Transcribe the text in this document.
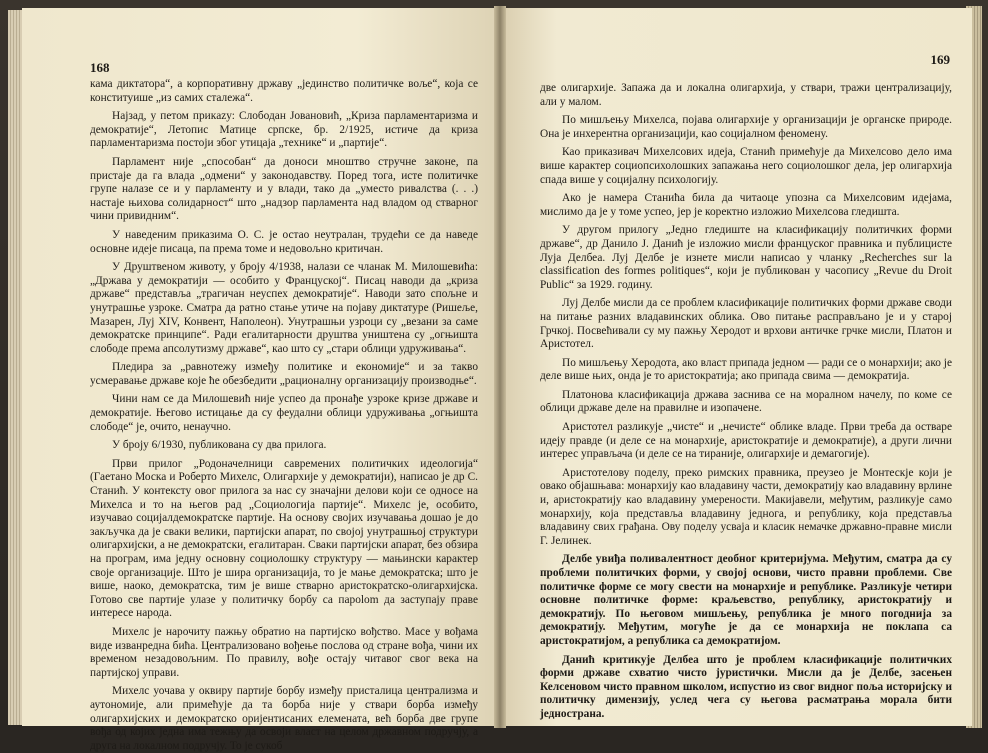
168

кама диктатора“, а корпоративну државу „јединство политичке воље“, која се конституише „из самих сталежа“.

Најзад, у петом прикazу: Слободан Јовановић, „Криза парламентаризма и демократије“, Летопис Матице српске, бр. 2/1925, истиче да криза парламентаризма постоји због утицаја „технике“ и „партије“.

Парламент није „способан“ да доноси мноштво стручне законе, па пристаје да га влада „одмени“ у законодавству. Поред тога, исте политичке групе налазе се и у парламенту и у влади, тако да „уместо ривалства (. . .) настаје њихова солидарност“ што „надзор парламента над владом од стварног чини привидним“.

У наведеним приказима О. С. је остао неутралан, трудећи се да наведе основне идеје писаца, па према томе и недовољно критичан.

У Друштвеном животу, у броју 4/1938, налази се чланак М. Милошевића: „Држава у демократији — особито у Француској“. Писац наводи да „криза државе“ представља „трагичан неуспех демократије“. Наводи зато спољне и унутрашње узроке. Сматра да ратно стање утиче на појаву диктатуре (Ришеље, Мазарен, Луј XIV, Конвент, Наполеон). Унутрашњи узроци су „везани за саме демократске принципе“. Ради егалитарности друштва уништена су „огњишта слободе према апсолутизму државе“, као што су „стари облици удруживања“.

Пледира за „равнотежу између политике и економије“ и за такво усмеравање државе које ће обезбедити „рационалну организацију производње“.

Чини нам се да Милошевић није успео да пронађе узроке кризе државе и демократије. Његово истицање да су феудални облици удруживања „огњишта слободе“ је, очито, ненаучно.

У броју 6/1930, публикована су два прилога.

Први прилог „Родоначелници савремених политичких идеологија“ (Гаетано Моска и Роберто Михелс, Олигархије у демократији), написао је др С. Станић. У контексту овог прилога за нас су значајни делови који се односе на Михелса и то на његов рад „Социологија партије“. Михелс је, особито, изучавао социјалдемократске партије. На основу својих изучавања дошао је до закључка да је сваки велики, партијски апарат, по својој унутрашњој структури олигархијски, а не демократски, егалитаран. Сваки партијски апарат, без обзира на програм, има једну основну социолошку структуру — мањински карактер своје организације. Што је шира организација, то је мање демократска; што је више, наоко, демократска, тим је више стварно аристократско-олигархијска. Готово све партије улазе у политичку борбу са пароlom да заступају праве интересе народа.

Михелс је нарочиту пажњу обратио на партијско вођство. Масе у вођама виде изванредна бића. Централизовано вођење послова од стране вођа, чини их временом незадовољним. По правилу, вође остају читавог свог века на партијској управи.

Михелс уочава у оквиру партије борбу између присталица централизма и аутономије, али примећује да та борба није у ствари борба између олигархијских и демократско оријентисаних елемената, већ борба две групе вођа од којих једна има тежњу да освоји власт на целом државном подручју, а друга на локалном подручју. То је сукоб

169

две олигархије. Запажа да и локална олигархија, у ствари, тражи централизацију, али у малом.

По мишљењу Михелса, појава олигархије у организацији је органске природе. Она је инхерентна организацији, као социјалном феномену.

Као приказивач Михелсових идеја, Станић примећује да Михелсово дело има више карактер социопсихолошких запажања него социолошког дела, јер олигархија спада више у социјалну психологију.

Ако је намера Станића била да читаоце упозна са Михелсовим идејама, мислимо да је у томе успео, јер је коректно изложио Михелсова гледишта.

У другом прилогу „Једно гледиште на класификацију политичких форми државе“, др Данило Ј. Данић је изложио мисли француског правника и публицисте Луја Делбеа. Луј Делбе је изнете мисли написао у чланку „Recherches sur la classification des formes politiques“, који је публикован у часопису „Revue du Droit Public“ за 1929. годину.

Луј Делбе мисли да се проблем класификације политичких форми државе своди на питање разних владавинских облика. Ово питање расправљано је и у старој Грчкој. Посвећивали су му пажњу Херодот и врхови античке грчке мисли, Платон и Аристотел.

По мишљењу Херодота, ако власт припада једном — ради се о монархији; ако је деле више њих, онда је то аристократија; ако припада свима — демократија.

Платонова класификација држава заснива се на моралном начелу, по коме се облици државе деле на правилне и изопачене.

Аристотел разликује „чисте“ и „нечисте“ облике владе. Први треба да остваре идеју правде (и деле се на монархије, аристократије и демократије), а други лични интерес управљача (и деле се на тираније, олигархије и демагогије).

Аристотелову поделу, преко римских правника, преузео је Монтескје који је овако објашњава: монархију као владавину части, демократију као владавину врлине и, аристократију као владавину умерености. Макијавели, међутим, разликује само монархију, која представља владавину једнога, и републику, која представља владавину свих грађана. Ову поделу усваја и класик немачке државно-правне мисли Г. Јелинек.

Делбе увиђа поливалентност деобног критеријума. Међутим, сматра да су проблеми политичких форми, у својој основи, чисто правни проблеми. Све политичке форме се могу свести на монархије и републике. Разликује четири основне политичке форме: краљевство, републику, аристократију и демократију. По његовом мишљењу, република је много погоднија за демократију. Међутим, могуће је да се монархија не поклапа са аристократијом, а република са демократијом.

Данић критикује Делбеа што је проблем класификације политичких форми државе схватио чисто јуристички. Мисли да је Делбе, засењен Келсеновом чисто правном школом, испустио из свог видног поља историјску и политичку димензију, услед чега су његова расматрања морала бити једнострана.
